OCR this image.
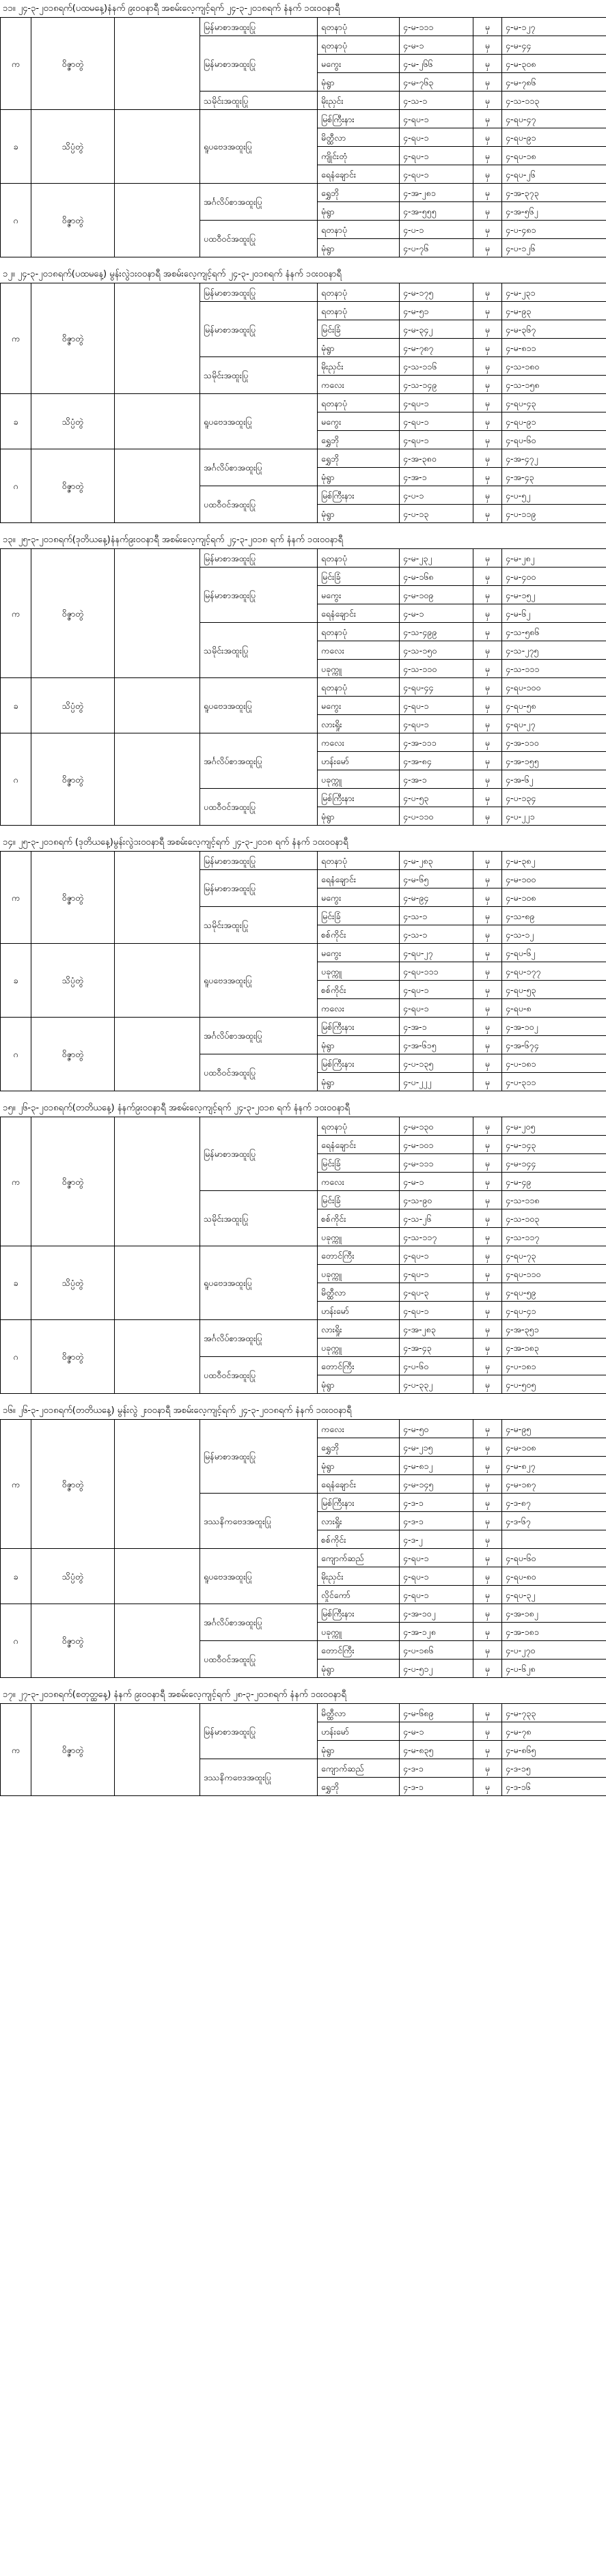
၁၁။ ၂၄-၃-၂၀၁၈ရက်(ပထမနေ့)နံနက် ၉း၀၀နာရီ အစမ်းလေ့ကျင့်ရက် ၂၄-၃-၂၀၁၈ရက် နံနက် ၁၀း၀၀နာရီ
က	ဝိဇ္ဇာတွဲ		မြန်မာစာအထူးပြု	ရတနာပုံ	၄-မ-၁၁၁	မှ	၄-မ-၁၂၇
			မြန်မာစာအထူးပြု	ရတနာပုံ	၄-မ-၁	မှ	၄-မ-၄၄
				မကွေး	၄-မ-၂၆၆	မှ	၄-မ-၃၀၈
				မုံရွာ	၄-မ-၇၆၃	မှ	၄-မ-၇၈၆
			သမိုင်းအထူးပြု	မိုးညှင်း	၄-သ-၁	မှ	၄-သ-၁၁၃
ခ	သိပ္ပံတွဲ		ရူပဗေဒအထူးပြု	မြစ်ကြီးနား	၄-ရပ-၁	မှ	၄-ရပ-၄၇
				မိတ္ထီလာ	၄-ရပ-၁	မှ	၄-ရပ-၉၁
				ကျိုင်းတုံ	၄-ရပ-၁	မှ	၄-ရပ-၁၈
				ရေနံချောင်း	၄-ရပ-၁	မှ	၄-ရပ-၂၆
ဂ	ဝိဇ္ဇာတွဲ		အင်္ဂလိပ်စာအထူးပြု	ရွှေဘို	၄-အ-၂၈၁	မှ	၄-အ-၃၇၃
				မုံရွာ	၄-အ-၅၅၅	မှ	၄-အ-၅၆၂
			ပထဝီဝင်အထူးပြု	ရတနာပုံ	၄-ပ-၁	မှ	၄-ပ-၄၈၁
				မုံရွာ	၄-ပ-၇၆	မှ	၄-ပ-၁၂၆
၁၂။ ၂၄-၃-၂၀၁၈ရက်(ပထမနေ့) မွန်းလွဲ၁း၀၀နာရီ အစမ်းလေ့ကျင့်ရက် ၂၄-၃-၂၀၁၈ရက် နံနက် ၁၀း၀၀နာရီ
က	ဝိဇ္ဇာတွဲ		မြန်မာစာအထူးပြု	ရတနာပုံ	၄-မ-၁၇၅	မှ	၄-မ-၂၃၁
			မြန်မာစာအထူးပြု	ရတနာပုံ	၄-မ-၅၁	မှ	၄-မ-၉၃
				မြင်းခြံ	၄-မ-၃၄၂	မှ	၄-မ-၃၆၇
				မုံရွာ	၄-မ-၇၈၇	မှ	၄-မ-၈၁၁
			သမိုင်းအထူးပြု	မိုးညှင်း	၄-သ-၁၁၆	မှ	၄-သ-၁၈၀
				ကလေး	၄-သ-၁၄၉	မှ	၄-သ-၁၅၈
ခ	သိပ္ပံတွဲ		ရူပဗေဒအထူးပြု	ရတနာပုံ	၄-ရပ-၁	မှ	၄-ရပ-၄၃
				မကွေး	၄-ရပ-၁	မှ	၄-ရပ-၉၁
				ရွှေဘို	၄-ရပ-၁	မှ	၄-ရပ-၆၀
ဂ	ဝိဇ္ဇာတွဲ		အင်္ဂလိပ်စာအထူးပြု	ရွှေဘို	၄-အ-၃၈၀	မှ	၄-အ-၄၇၂
				မုံရွာ	၄-အ-၁	မှ	၄-အ-၄၃
			ပထဝီဝင်အထူးပြု	မြစ်ကြီးနား	၄-ပ-၁	မှ	၄-ပ-၅၂
				မုံရွာ	၄-ပ-၁၃	မှ	၄-ပ-၁၁၉
၁၃။ ၂၅-၃-၂၀၁၈ရက်(ဒုတိယနေ့)နံနက်၉း၀၀နာရီ အစမ်းလေ့ကျင့်ရက် ၂၄-၃-၂၀၁၈ ရက် နံနက် ၁၀း၀၀နာရီ
က	ဝိဇ္ဇာတွဲ		မြန်မာစာအထူးပြု	ရတနာပုံ	၄-မ-၂၃၂	မှ	၄-မ-၂၈၂
			မြန်မာစာအထူးပြု	မြင်းခြံ	၄-မ-၁၆၈	မှ	၄-မ-၄၀၀
				မကွေး	၄-မ-၁၀၉	မှ	၄-မ-၁၅၂
				ရေနံချောင်း	၄-မ-၁	မှ	၄-မ-၆၂
			သမိုင်းအထူးပြု	ရတနာပုံ	၄-သ-၄၉၉	မှ	၄-သ-၅၈၆
				ကလေး	၄-သ-၁၅၀	မှ	၄-သ-၂၇၅
				ပခုက္ကူ	၄-သ-၁၁၀	မှ	၄-သ-၁၁၁
ခ	သိပ္ပံတွဲ		ရူပဗေဒအထူးပြု	ရတနာပုံ	၄-ရပ-၄၄	မှ	၄-ရပ-၁၀၀
				မကွေး	၄-ရပ-၁	မှ	၄-ရပ-၅၈
				လားရှိုး	၄-ရပ-၁	မှ	၄-ရပ-၂၇
ဂ	ဝိဇ္ဇာတွဲ		အင်္ဂလိပ်စာအထူးပြု	ကလေး	၄-အ-၁၁၁	မှ	၄-အ-၁၁၀
				ဟန်းမော်	၄-အ-၈၄	မှ	၄-အ-၁၅၅
				ပခုက္ကူ	၄-အ-၁	မှ	၄-အ-၆၂
			ပထဝီဝင်အထူးပြု	မြစ်ကြီးနား	၄-ပ-၅၃	မှ	၄-ပ-၁၃၄
				မုံရွာ	၄-ပ-၁၁၀	မှ	၄-ပ-၂၂၁
၁၄။ ၂၅-၃-၂၀၁၈ရက် (ဒုတိယနေ့)မွန်းလွဲ၁း၀၀နာရီ အစမ်းလေ့ကျင့်ရက် ၂၄-၃-၂၀၁၈ ရက် နံနက် ၁၀း၀၀နာရီ
က	ဝိဇ္ဇာတွဲ		မြန်မာစာအထူးပြု	ရတနာပုံ	၄-မ-၂၈၃	မှ	၄-မ-၃၈၂
			မြန်မာစာအထူးပြု	ရေနံချောင်း	၄-မ-၆၅	မှ	၄-မ-၁၀၀
				မကွေး	၄-မ-၉၄	မှ	၄-မ-၁၀၈
			သမိုင်းအထူးပြု	မြင်းခြံ	၄-သ-၁	မှ	၄-သ-၈၉
				စစ်ကိုင်း	၄-သ-၁	မှ	၄-သ-၁၂
ခ	သိပ္ပံတွဲ		ရူပဗေဒအထူးပြု	မကွေး	၄-ရပ-၂၇	မှ	၄-ရပ-၆၂
				ပခုက္ကူ	၄-ရပ-၁၁၁	မှ	၄-ရပ-၁၇၇
				စစ်ကိုင်း	၄-ရပ-၁	မှ	၄-ရပ-၅၃
				ကလေး	၄-ရပ-၁	မှ	၄-ရပ-၈
ဂ	ဝိဇ္ဇာတွဲ		အင်္ဂလိပ်စာအထူးပြု	မြစ်ကြီးနား	၄-အ-၁	မှ	၄-အ-၁၀၂
				မုံရွာ	၄-အ-၆၁၅	မှ	၄-အ-၆၇၄
			ပထဝီဝင်အထူးပြု	မြစ်ကြီးနား	၄-ပ-၁၃၅	မှ	၄-ပ-၁၈၁
				မုံရွာ	၄-ပ-၂၂၂	မှ	၄-ပ-၃၁၁
၁၅။ ၂၆-၃-၂၀၁၈ရက်(တတိယနေ့) နံနက်၉း၀၀နာရီ အစမ်းလေ့ကျင့်ရက် ၂၄-၃-၂၀၁၈ ရက် နံနက် ၁၀း၀၀နာရီ
က	ဝိဇ္ဇာတွဲ		မြန်မာစာအထူးပြု	ရတနာပုံ	၄-မ-၁၃၀	မှ	၄-မ-၂၀၅
				ရေနံချောင်း	၄-မ-၁၀၁	မှ	၄-မ-၁၄၃
				မြင်းခြံ	၄-မ-၁၁၁	မှ	၄-မ-၁၄၄
				ကလေး	၄-မ-၁	မှ	၄-မ-၄၉
			သမိုင်းအထူးပြု	မြင်းခြံ	၄-သ-၉၀	မှ	၄-သ-၁၁၈
				စစ်ကိုင်း	၄-သ-၂၆	မှ	၄-သ-၁၀၃
				ပခုက္ကူ	၄-သ-၁၁၇	မှ	၄-သ-၁၁၇
ခ	သိပ္ပံတွဲ		ရူပဗေဒအထူးပြု	တောင်ကြီး	၄-ရပ-၁	မှ	၄-ရပ-၇၃
				ပခုက္ကူ	၄-ရပ-၁	မှ	၄-ရပ-၁၁၀
				မိတ္ထီလာ	၄-ရပ-၃	မှ	၄-ရပ-၅၉
				ဟန်းမော်	၄-ရပ-၁	မှ	၄-ရပ-၄၁
ဂ	ဝိဇ္ဇာတွဲ		အင်္ဂလိပ်စာအထူးပြု	လားရှိုး	၄-အ-၂၈၃	မှ	၄-အ-၃၅၁
				ပခုက္ကူ	၄-အ-၄၃	မှ	၄-အ-၁၈၃
			ပထဝီဝင်အထူးပြု	တောင်ကြီး	၄-ပ-၆၀	မှ	၄-ပ-၁၈၁
				မုံရွာ	၄-ပ-၃၃၂	မှ	၄-ပ-၅၀၅
၁၆။ ၂၆-၃-၂၀၁၈ရက်(တတိယနေ့) မွန်းလွဲ ၂း၀၀နာရီ အစမ်းလေ့ကျင့်ရက် ၂၄-၃-၂၀၁၈ရက် နံနက် ၁၀း၀၀နာရီ
က	ဝိဇ္ဇာတွဲ		မြန်မာစာအထူးပြု	ကလေး	၄-မ-၅၀	မှ	၄-မ-၉၅
				ရွှေဘို	၄-မ-၂၁၅	မှ	၄-မ-၁၀၈
				မုံရွာ	၄-မ-၈၁၂	မှ	၄-မ-၈၂၇
				ရေနံချောင်း	၄-မ-၁၄၅	မှ	၄-မ-၁၈၇
			ဒဿနိကဗေဒအထူးပြု	မြစ်ကြီးနား	၄-ဒ-၁	မှ	၄-ဒ-၈၇
				လားရှိုး	၄-ဒ-၁	မှ	၄-ဒ-၆၇
				စစ်ကိုင်း	၄-ဒ-၂	မှ	
ခ	သိပ္ပံတွဲ		ရူပဗေဒအထူးပြု	ကျောက်ဆည်	၄-ရပ-၁	မှ	၄-ရပ-၆၀
				မိုးညှင်း	၄-ရပ-၁	မှ	၄-ရပ-၈၀
				လှိုင်ကော်	၄-ရပ-၁	မှ	၄-ရပ-၃၂
ဂ	ဝိဇ္ဇာတွဲ		အင်္ဂလိပ်စာအထူးပြု	မြစ်ကြီးနား	၄-အ-၁၀၂	မှ	၄-အ-၁၈၂
				ပခုက္ကူ	၄-အ-၁၂၈	မှ	၄-အ-၁၈၁
			ပထဝီဝင်အထူးပြု	တောင်ကြီး	၄-ပ-၁၈၆	မှ	၄-ပ-၂၇၀
				မုံရွာ	၄-ပ-၅၁၂	မှ	၄-ပ-၆၂၈
၁၇။ ၂၇-၃-၂၀၁၈ရက်(စတုတ္ထနေ့) နံနက် ၉း၀၀နာရီ အစမ်းလေ့ကျင့်ရက် ၂၈-၃-၂၀၁၈ရက် နံနက် ၁၀း၀၀နာရီ
က	ဝိဇ္ဇာတွဲ		မြန်မာစာအထူးပြု	မိတ္ထီလာ	၄-မ-၆၈၉	မှ	၄-မ-၇၃၃
				ဟန်းမော်	၄-မ-၁	မှ	၄-မ-၇၈
				မုံရွာ	၄-မ-၈၃၅	မှ	၄-မ-၈၆၅
			ဒဿနိကဗေဒအထူးပြု	ကျောက်ဆည်	၄-ဒ-၁	မှ	၄-ဒ-၁၅
				ရွှေဘို	၄-ဒ-၁	မှ	၄-ဒ-၁၆
